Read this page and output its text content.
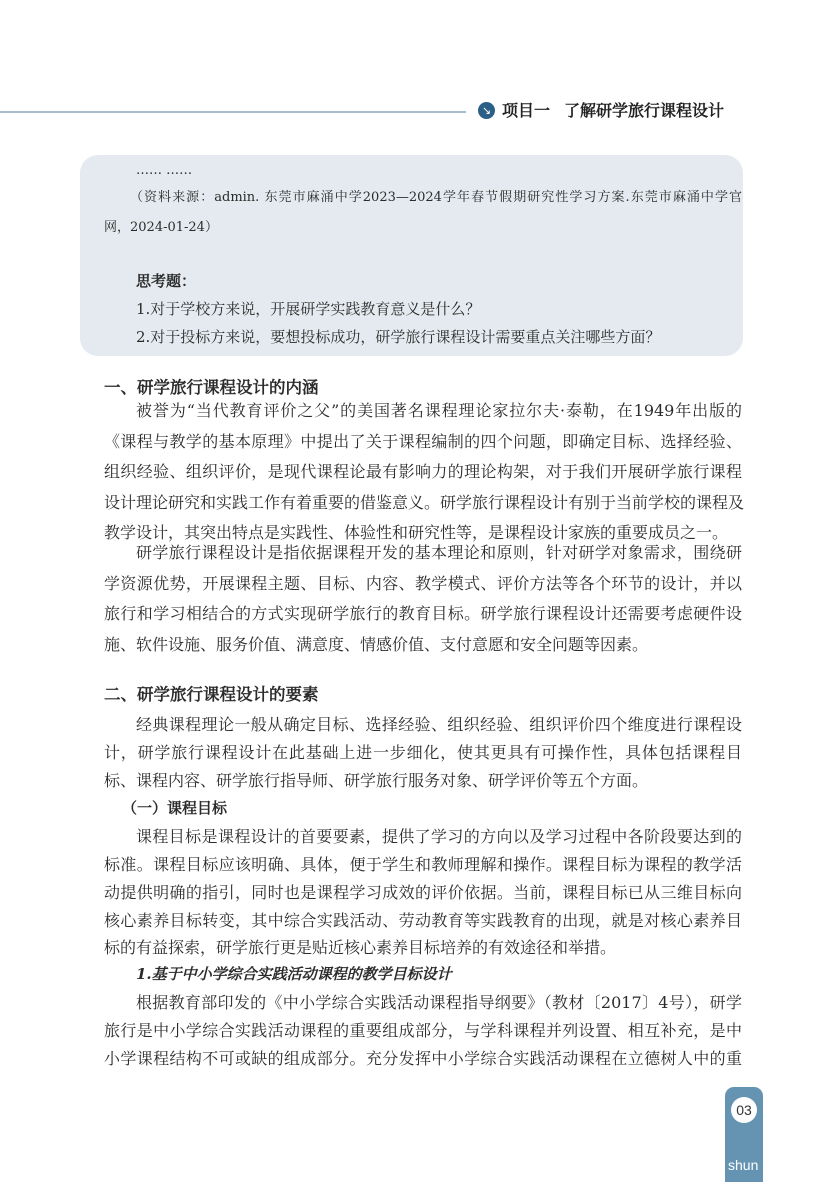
↘ 项目一 了解研学旅行课程设计
…… ……
（资料来源：admin. 东莞市麻涌中学2023—2024学年春节假期研究性学习方案.东莞市麻涌中学官
网，2024-01-24）
思考题：
1.对于学校方来说，开展研学实践教育意义是什么？
2.对于投标方来说，要想投标成功，研学旅行课程设计需要重点关注哪些方面？
一、研学旅行课程设计的内涵
被誉为“当代教育评价之父”的美国著名课程理论家拉尔夫·泰勒，在1949年出版的
《课程与教学的基本原理》中提出了关于课程编制的四个问题，即确定目标、选择经验、
组织经验、组织评价，是现代课程论最有影响力的理论构架，对于我们开展研学旅行课程
设计理论研究和实践工作有着重要的借鉴意义。研学旅行课程设计有别于当前学校的课程及
教学设计，其突出特点是实践性、体验性和研究性等，是课程设计家族的重要成员之一。
研学旅行课程设计是指依据课程开发的基本理论和原则，针对研学对象需求，围绕研
学资源优势，开展课程主题、目标、内容、教学模式、评价方法等各个环节的设计，并以
旅行和学习相结合的方式实现研学旅行的教育目标。研学旅行课程设计还需要考虑硬件设
施、软件设施、服务价值、满意度、情感价值、支付意愿和安全问题等因素。
二、研学旅行课程设计的要素
经典课程理论一般从确定目标、选择经验、组织经验、组织评价四个维度进行课程设
计，研学旅行课程设计在此基础上进一步细化，使其更具有可操作性，具体包括课程目
标、课程内容、研学旅行指导师、研学旅行服务对象、研学评价等五个方面。
（一）课程目标
课程目标是课程设计的首要要素，提供了学习的方向以及学习过程中各阶段要达到的
标准。课程目标应该明确、具体，便于学生和教师理解和操作。课程目标为课程的教学活
动提供明确的指引，同时也是课程学习成效的评价依据。当前，课程目标已从三维目标向
核心素养目标转变，其中综合实践活动、劳动教育等实践教育的出现，就是对核心素养目
标的有益探索，研学旅行更是贴近核心素养目标培养的有效途径和举措。
1.基于中小学综合实践活动课程的教学目标设计
根据教育部印发的《中小学综合实践活动课程指导纲要》（教材〔2017〕4号），研学
旅行是中小学综合实践活动课程的重要组成部分，与学科课程并列设置、相互补充，是中
小学课程结构不可或缺的组成部分。充分发挥中小学综合实践活动课程在立德树人中的重
03
shun
